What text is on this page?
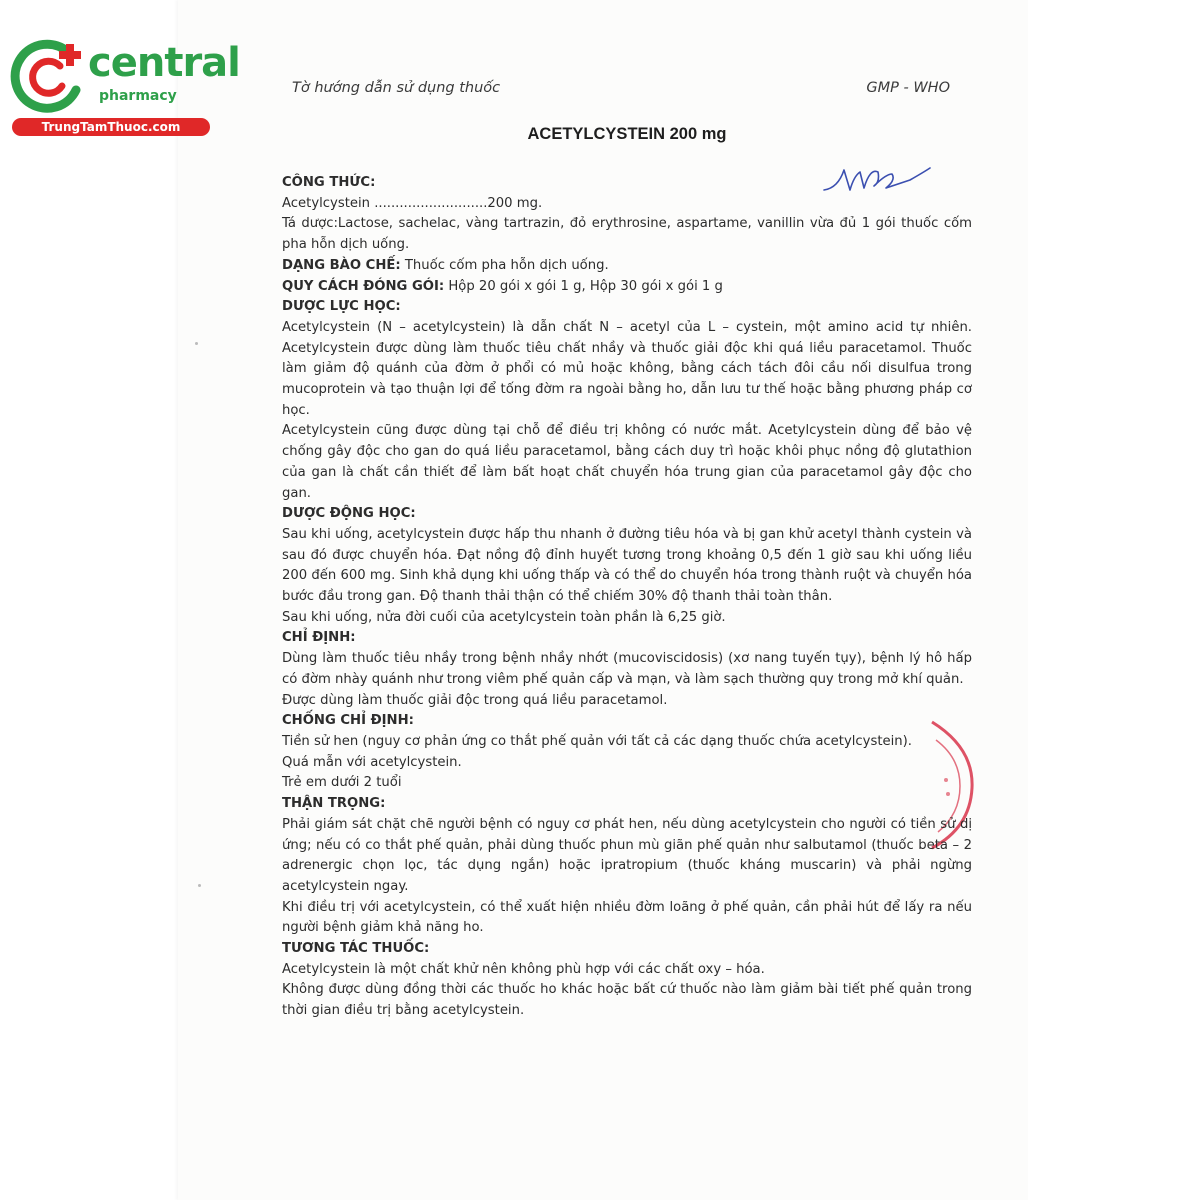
central
pharmacy
TrungTamThuoc.com
Tờ hướng dẫn sử dụng thuốc	GMP - WHO
ACETYLCYSTEIN 200 mg

CÔNG THỨC:

Acetylcystein ...........................200 mg.

Tá dược:Lactose, sachelac, vàng tartrazin, đỏ erythrosine, aspartame, vanillin vừa đủ 1 gói thuốc cốm pha hỗn dịch uống.

DẠNG BÀO CHẾ: Thuốc cốm pha hỗn dịch uống.

QUY CÁCH ĐÓNG GÓI: Hộp 20 gói x gói 1 g, Hộp 30 gói x gói 1 g

DƯỢC LỰC HỌC:

Acetylcystein (N – acetylcystein) là dẫn chất N – acetyl của L – cystein, một amino acid tự nhiên. Acetylcystein được dùng làm thuốc tiêu chất nhầy và thuốc giải độc khi quá liều paracetamol. Thuốc làm giảm độ quánh của đờm ở phổi có mủ hoặc không, bằng cách tách đôi cầu nối disulfua trong mucoprotein và tạo thuận lợi để tống đờm ra ngoài bằng ho, dẫn lưu tư thế hoặc bằng phương pháp cơ học.

Acetylcystein cũng được dùng tại chỗ để điều trị không có nước mắt. Acetylcystein dùng để bảo vệ chống gây độc cho gan do quá liều paracetamol, bằng cách duy trì hoặc khôi phục nồng độ glutathion của gan là chất cần thiết để làm bất hoạt chất chuyển hóa trung gian của paracetamol gây độc cho gan.

DƯỢC ĐỘNG HỌC:

Sau khi uống, acetylcystein được hấp thu nhanh ở đường tiêu hóa và bị gan khử acetyl thành cystein và sau đó được chuyển hóa. Đạt nồng độ đỉnh huyết tương trong khoảng 0,5 đến 1 giờ sau khi uống liều 200 đến 600 mg. Sinh khả dụng khi uống thấp và có thể do chuyển hóa trong thành ruột và chuyển hóa bước đầu trong gan. Độ thanh thải thận có thể chiếm 30% độ thanh thải toàn thân.

Sau khi uống, nửa đời cuối của acetylcystein toàn phần là 6,25 giờ.

CHỈ ĐỊNH:

Dùng làm thuốc tiêu nhầy trong bệnh nhầy nhớt (mucoviscidosis) (xơ nang tuyến tụy), bệnh lý hô hấp có đờm nhày quánh như trong viêm phế quản cấp và mạn, và làm sạch thường quy trong mở khí quản.

Được dùng làm thuốc giải độc trong quá liều paracetamol.

CHỐNG CHỈ ĐỊNH:

Tiền sử hen (nguy cơ phản ứng co thắt phế quản với tất cả các dạng thuốc chứa acetylcystein).

Quá mẫn với acetylcystein.

Trẻ em dưới 2 tuổi

THẬN TRỌNG:

Phải giám sát chặt chẽ người bệnh có nguy cơ phát hen, nếu dùng acetylcystein cho người có tiền sử dị ứng; nếu có co thắt phế quản, phải dùng thuốc phun mù giãn phế quản như salbutamol (thuốc beta – 2 adrenergic chọn lọc, tác dụng ngắn) hoặc ipratropium (thuốc kháng muscarin) và phải ngừng acetylcystein ngay.

Khi điều trị với acetylcystein, có thể xuất hiện nhiều đờm loãng ở phế quản, cần phải hút để lấy ra nếu người bệnh giảm khả năng ho.

TƯƠNG TÁC THUỐC:

Acetylcystein là một chất khử nên không phù hợp với các chất oxy – hóa.

Không được dùng đồng thời các thuốc ho khác hoặc bất cứ thuốc nào làm giảm bài tiết phế quản trong thời gian điều trị bằng acetylcystein.
